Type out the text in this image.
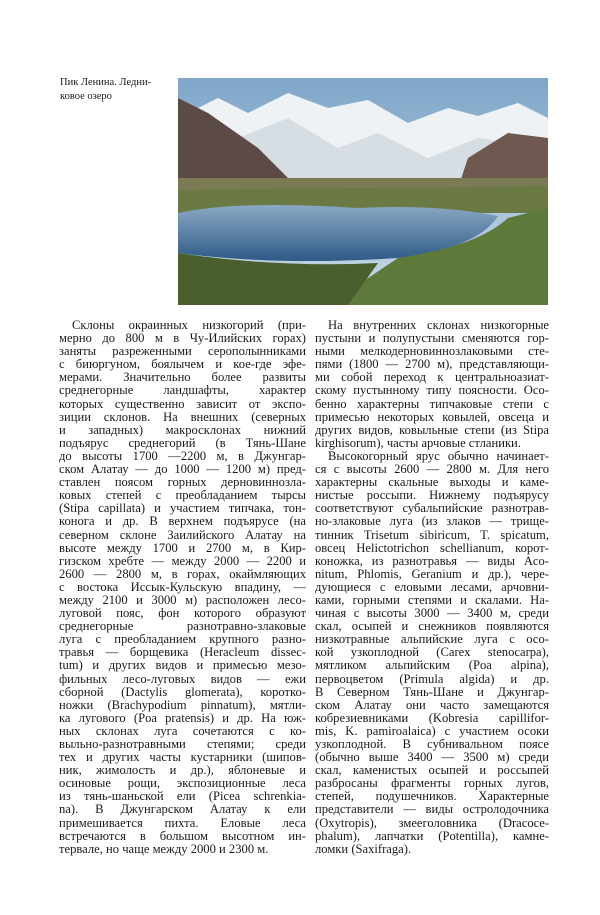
Пик Ленина. Ледни-
ковое озеро
Склоны окраинных низкогорий (при-
мерно до 800 м в Чу-Илийских горах)
заняты разреженными серополынниками
с биюргуном, боялычем и кое-где эфе-
мерами. Значительно более развиты
среднегорные ландшафты, характер
которых существенно зависит от экспо-
зиции склонов. На внешних (северных
и западных) макросклонах нижний
подъярус среднегорий (в Тянь-Шане
до высоты 1700 —2200 м, в Джунгар-
ском Алатау — до 1000 — 1200 м) пред-
ставлен поясом горных дерновиннозла-
ковых степей с преобладанием тырсы
(Stipa capillata) и участием типчака, тон-
конога и др. В верхнем подъярусе (на
северном склоне Заилийского Алатау на
высоте между 1700 и 2700 м, в Кир-
гизском хребте — между 2000 — 2200 и
2600 — 2800 м, в горах, окаймляющих
с востока Иссык-Кульскую впадину, —
между 2100 и 3000 м) расположен лесо-
луговой пояс, фон которого образуют
среднегорные разнотравно-злаковые
луга с преобладанием крупного разно-
травья — борщевика (Heracleum dissec-
tum) и других видов и примесью мезо-
фильных лесо-луговых видов — ежи
сборной (Dactylis glomerata), коротко-
ножки (Brachypodium pinnatum), мятли-
ка лугового (Poa pratensis) и др. На юж-
ных склонах луга сочетаются с ко-
выльно-разнотравными степями; среди
тех и других часты кустарники (шипов-
ник, жимолость и др.), яблоневые и
осиновые рощи, экспозиционные леса
из тянь-шаньской ели (Picea schrenkia-
na). В Джунгарском Алатау к ели
примешивается пихта. Еловые леса
встречаются в большом высотном ин-
тервале, но чаще между 2000 и 2300 м.
На внутренних склонах низкогорные
пустыни и полупустыни сменяются гор-
ными мелкодерновиннозлаковыми сте-
пями (1800 — 2700 м), представляющи-
ми собой переход к центральноазиат-
скому пустынному типу поясности. Осо-
бенно характерны типчаковые степи с
примесью некоторых ковылей, овсеца и
других видов, ковыльные степи (из Stipa
kirghisorum), часты арчовые стланики.
Высокогорный ярус обычно начинает-
ся с высоты 2600 — 2800 м. Для него
характерны скальные выходы и каме-
нистые россыпи. Нижнему подъярусу
соответствуют субальпийские разнотрав-
но-злаковые луга (из злаков — трище-
тинник Trisetum sibiricum, T. spicatum,
овсец Helictotrichon schellianum, корот-
коножка, из разнотравья — виды Aco-
nitum, Phlomis, Geranium и др.), чере-
дующиеся с еловыми лесами, арчовни-
ками, горными степями и скалами. На-
чиная с высоты 3000 — 3400 м, среди
скал, осыпей и снежников появляются
низкотравные альпийские луга с осо-
кой узкоплодной (Carex stenocarpa),
мятликом альпийским (Poa alpina),
первоцветом (Primula algida) и др.
В Северном Тянь-Шане и Джунгар-
ском Алатау они часто замещаются
кобрезиевниками (Kobresia capillifor-
mis, K. pamiroalaica) с участием осоки
узкоплодной. В субнивальном поясе
(обычно выше 3400 — 3500 м) среди
скал, каменистых осыпей и россыпей
разбросаны фрагменты горных лугов,
степей, подушечников. Характерные
представители — виды остролодочника
(Oxytropis), змееголовника (Dracoce-
phalum), лапчатки (Potentilla), камне-
ломки (Saxifraga).
